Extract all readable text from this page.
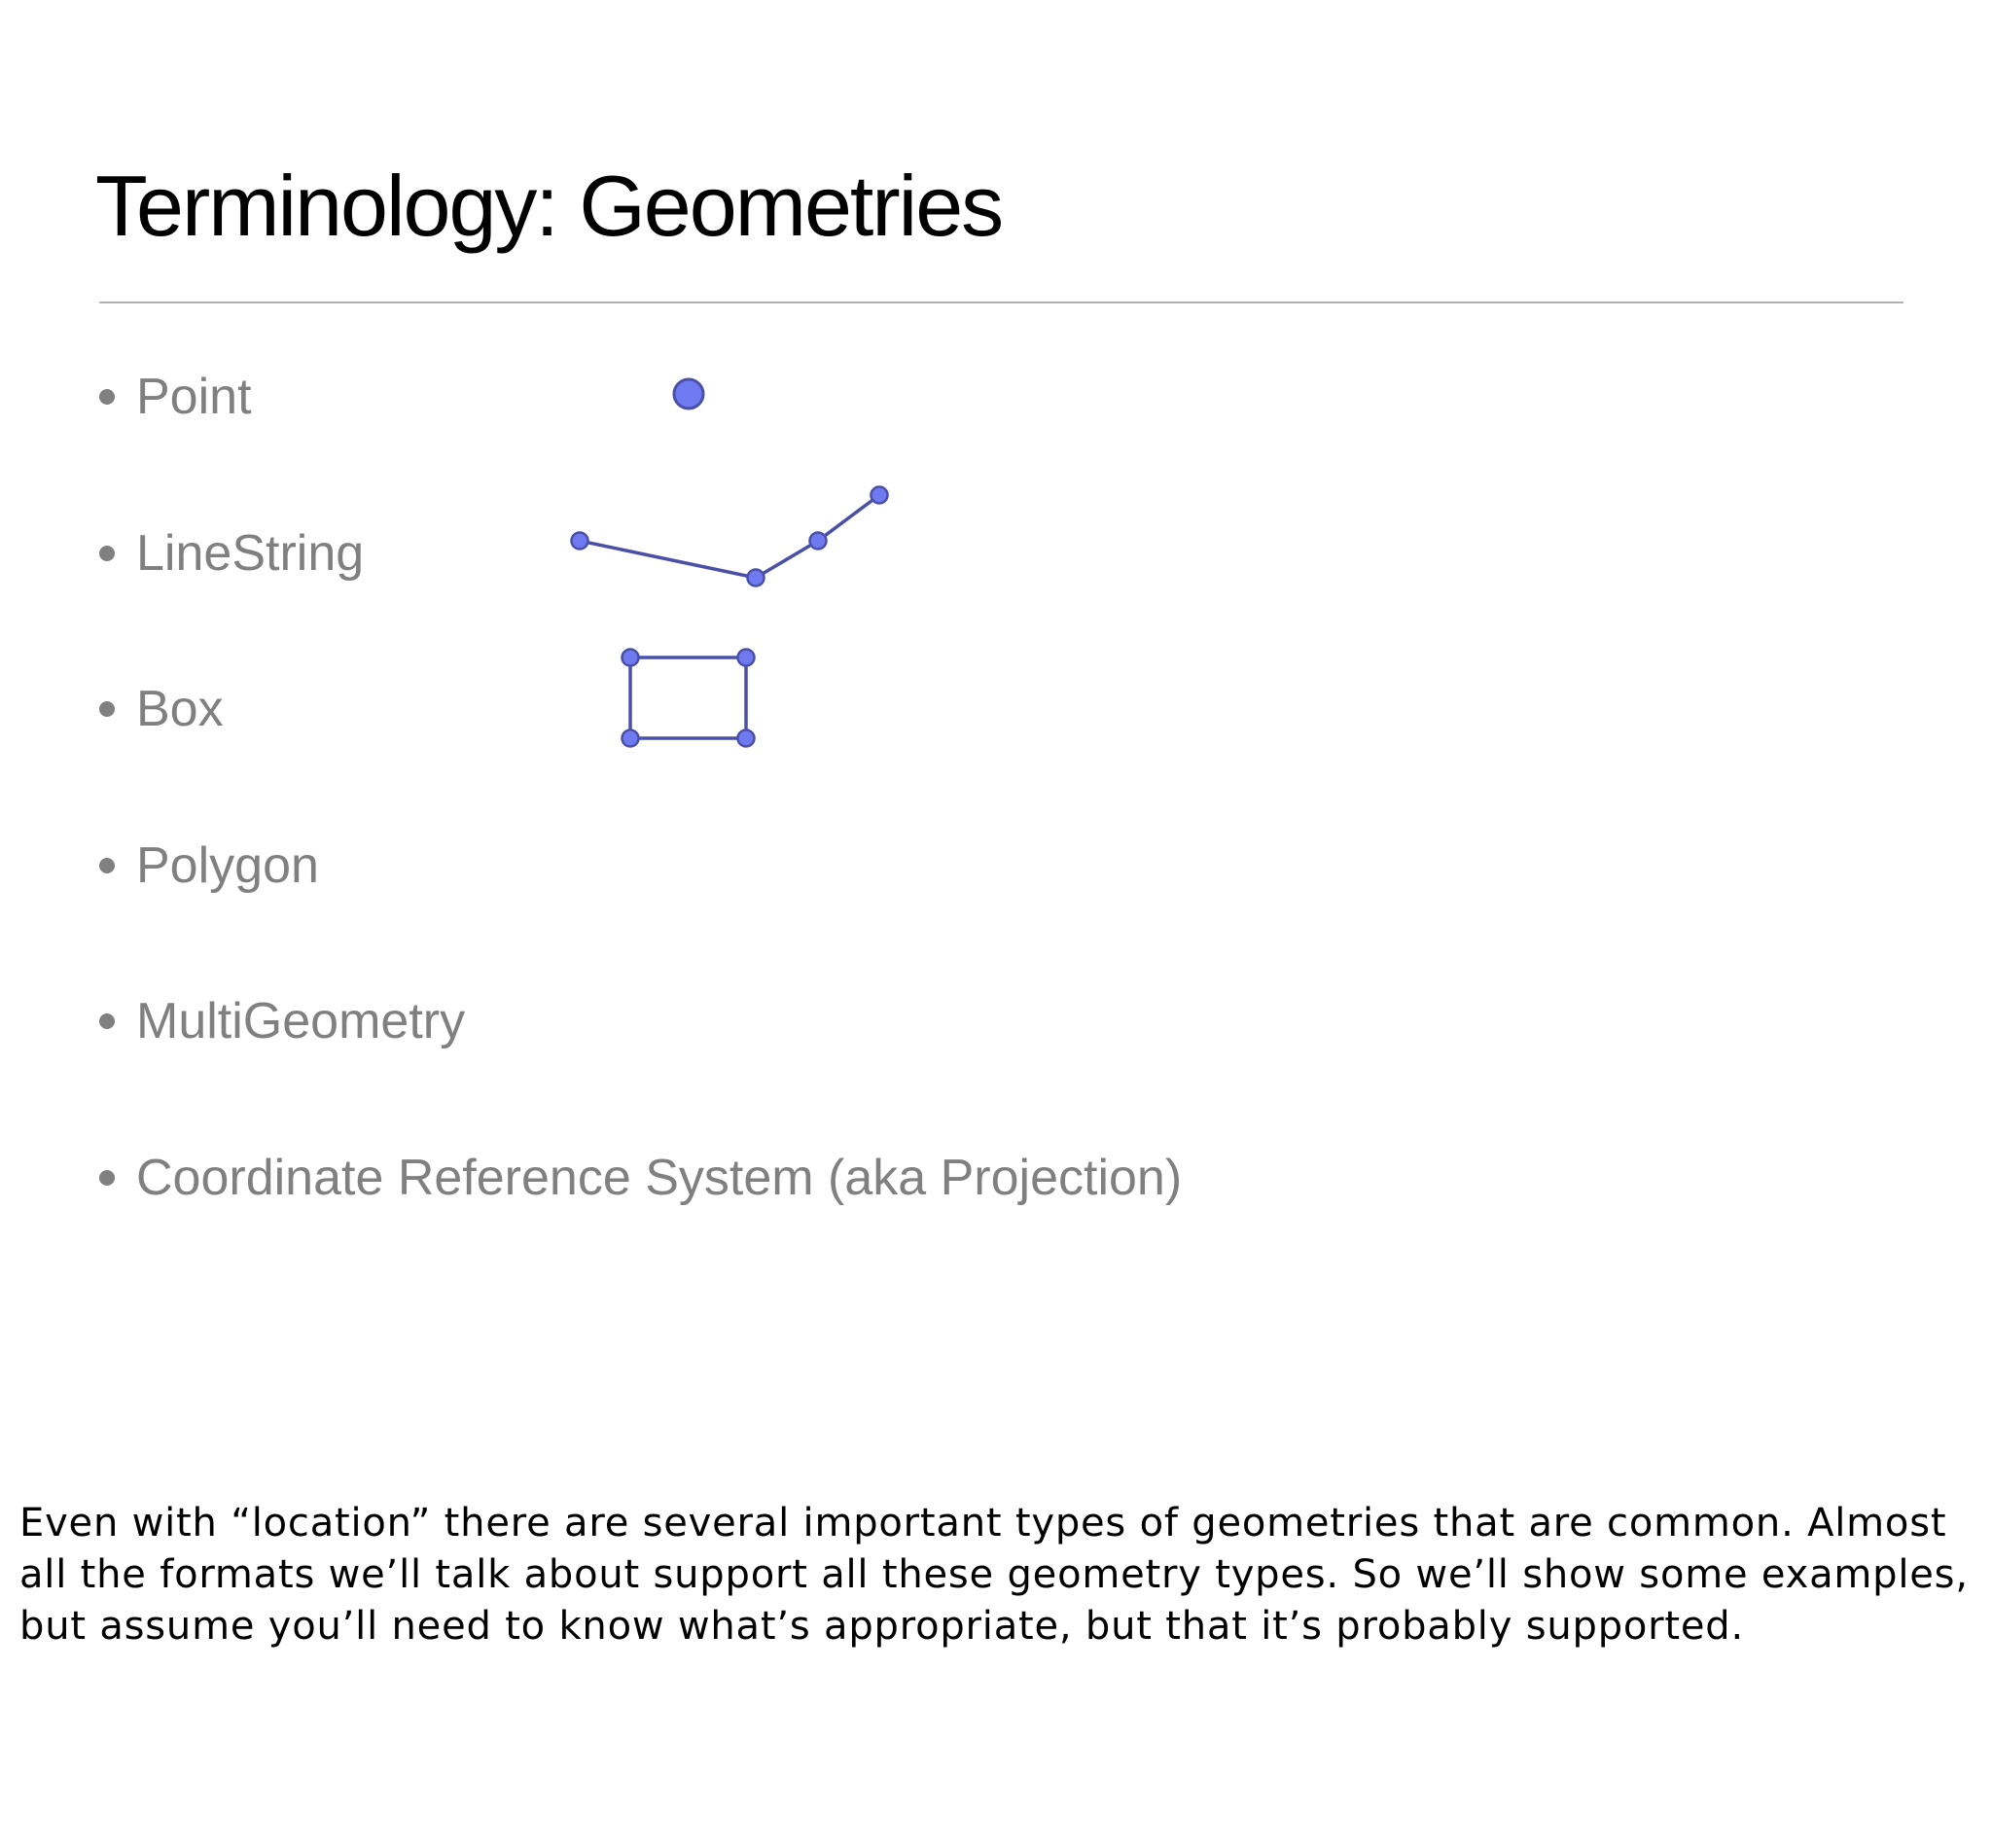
Terminology: Geometries
Point
LineString
Box
Polygon
MultiGeometry
Coordinate Reference System (aka Projection)

Even with “location” there are several important types of geometries that are common. Almost all the formats we’ll talk about support all these geometry types. So we’ll show some examples, but assume you’ll need to know what’s appropriate, but that it’s probably supported.
